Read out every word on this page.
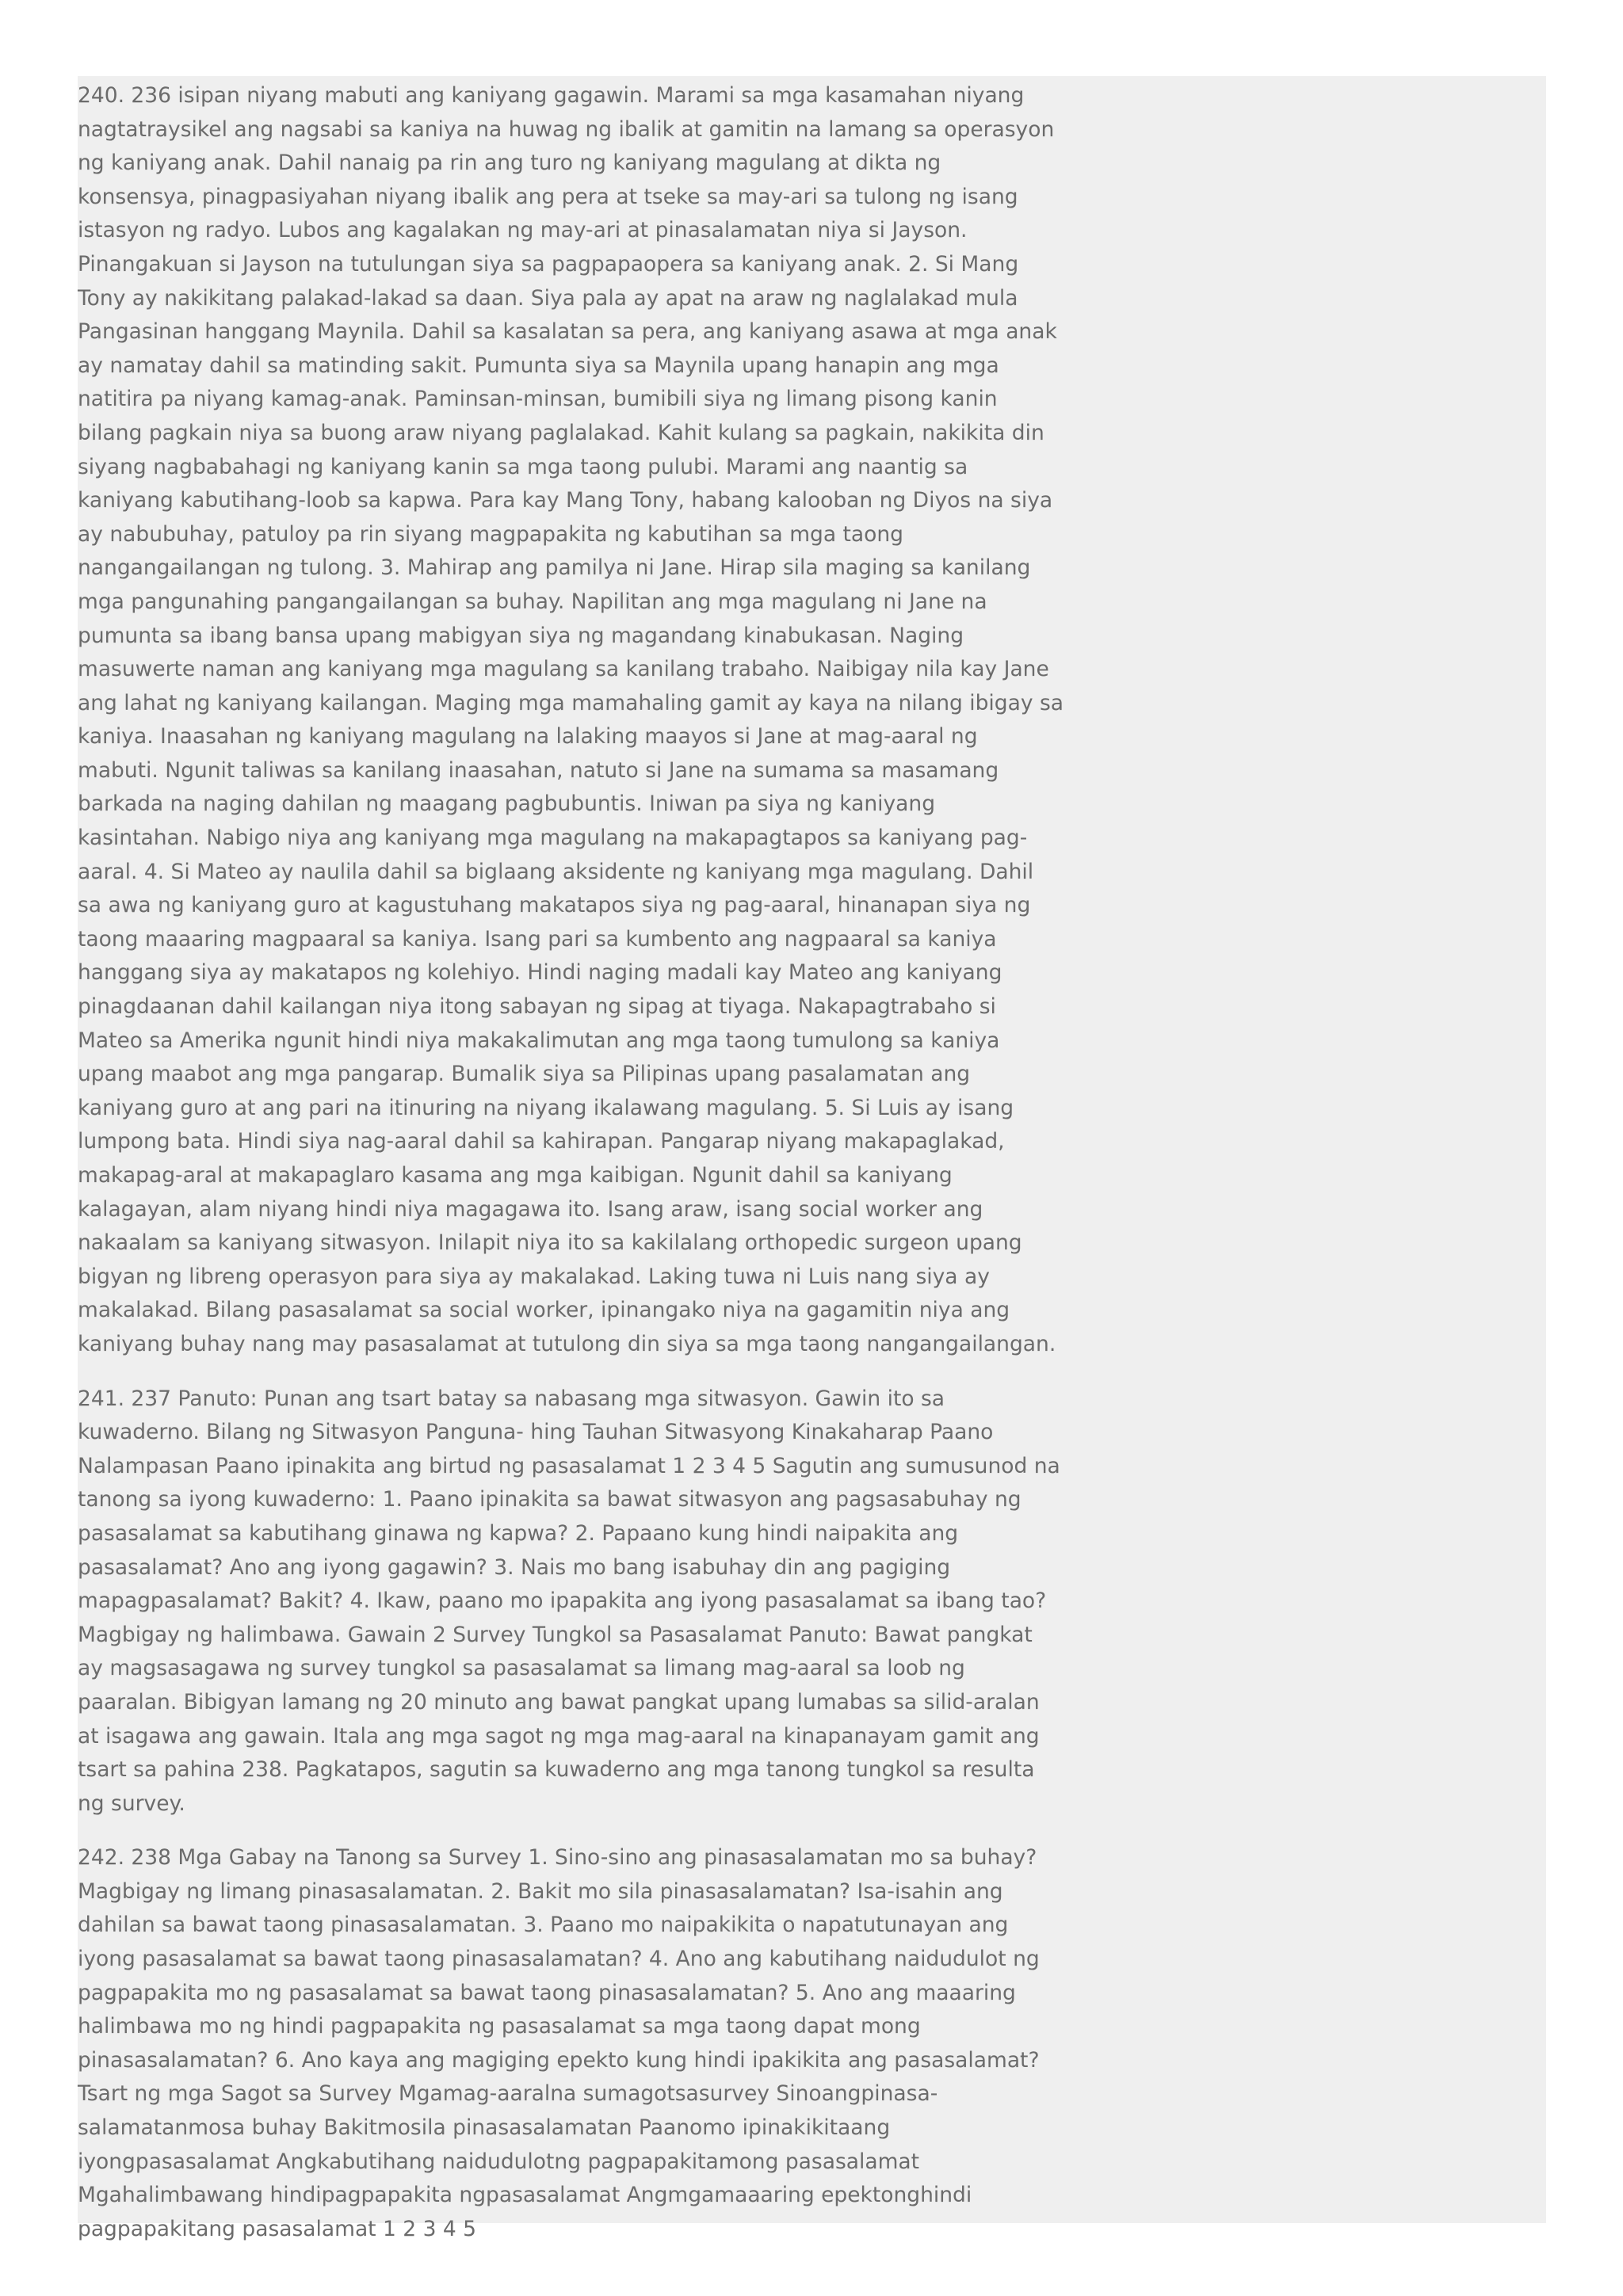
240. 236 isipan niyang mabuti ang kaniyang gagawin. Marami sa mga kasamahan niyang nagtatraysikel ang nagsabi sa kaniya na huwag ng ibalik at gamitin na lamang sa operasyon ng kaniyang anak. Dahil nanaig pa rin ang turo ng kaniyang magulang at dikta ng konsensya, pinagpasiyahan niyang ibalik ang pera at tseke sa may-ari sa tulong ng isang istasyon ng radyo. Lubos ang kagalakan ng may-ari at pinasalamatan niya si Jayson. Pinangakuan si Jayson na tutulungan siya sa pagpapaopera sa kaniyang anak. 2. Si Mang Tony ay nakikitang palakad-lakad sa daan. Siya pala ay apat na araw ng naglalakad mula Pangasinan hanggang Maynila. Dahil sa kasalatan sa pera, ang kaniyang asawa at mga anak ay namatay dahil sa matinding sakit. Pumunta siya sa Maynila upang hanapin ang mga natitira pa niyang kamag-anak. Paminsan-minsan, bumibili siya ng limang pisong kanin bilang pagkain niya sa buong araw niyang paglalakad. Kahit kulang sa pagkain, nakikita din siyang nagbabahagi ng kaniyang kanin sa mga taong pulubi. Marami ang naantig sa kaniyang kabutihang-loob sa kapwa. Para kay Mang Tony, habang kalooban ng Diyos na siya ay nabubuhay, patuloy pa rin siyang magpapakita ng kabutihan sa mga taong nangangailangan ng tulong. 3. Mahirap ang pamilya ni Jane. Hirap sila maging sa kanilang mga pangunahing pangangailangan sa buhay. Napilitan ang mga magulang ni Jane na pumunta sa ibang bansa upang mabigyan siya ng magandang kinabukasan. Naging masuwerte naman ang kaniyang mga magulang sa kanilang trabaho. Naibigay nila kay Jane ang lahat ng kaniyang kailangan. Maging mga mamahaling gamit ay kaya na nilang ibigay sa kaniya. Inaasahan ng kaniyang magulang na lalaking maayos si Jane at mag-aaral ng mabuti. Ngunit taliwas sa kanilang inaasahan, natuto si Jane na sumama sa masamang barkada na naging dahilan ng maagang pagbubuntis. Iniwan pa siya ng kaniyang kasintahan. Nabigo niya ang kaniyang mga magulang na makapagtapos sa kaniyang pag-aaral. 4. Si Mateo ay naulila dahil sa biglaang aksidente ng kaniyang mga magulang. Dahil sa awa ng kaniyang guro at kagustuhang makatapos siya ng pag-aaral, hinanapan siya ng taong maaaring magpaaral sa kaniya. Isang pari sa kumbento ang nagpaaral sa kaniya hanggang siya ay makatapos ng kolehiyo. Hindi naging madali kay Mateo ang kaniyang pinagdaanan dahil kailangan niya itong sabayan ng sipag at tiyaga. Nakapagtrabaho si Mateo sa Amerika ngunit hindi niya makakalimutan ang mga taong tumulong sa kaniya upang maabot ang mga pangarap. Bumalik siya sa Pilipinas upang pasalamatan ang kaniyang guro at ang pari na itinuring na niyang ikalawang magulang. 5. Si Luis ay isang lumpong bata. Hindi siya nag-aaral dahil sa kahirapan. Pangarap niyang makapaglakad, makapag-aral at makapaglaro kasama ang mga kaibigan. Ngunit dahil sa kaniyang kalagayan, alam niyang hindi niya magagawa ito. Isang araw, isang social worker ang nakaalam sa kaniyang sitwasyon. Inilapit niya ito sa kakilalang orthopedic surgeon upang bigyan ng libreng operasyon para siya ay makalakad. Laking tuwa ni Luis nang siya ay makalakad. Bilang pasasalamat sa social worker, ipinangako niya na gagamitin niya ang kaniyang buhay nang may pasasalamat at tutulong din siya sa mga taong nangangailangan.

241. 237 Panuto: Punan ang tsart batay sa nabasang mga sitwasyon. Gawin ito sa kuwaderno. Bilang ng Sitwasyon Panguna- hing Tauhan Sitwasyong Kinakaharap Paano Nalampasan Paano ipinakita ang birtud ng pasasalamat 1 2 3 4 5 Sagutin ang sumusunod na tanong sa iyong kuwaderno: 1. Paano ipinakita sa bawat sitwasyon ang pagsasabuhay ng pasasalamat sa kabutihang ginawa ng kapwa? 2. Papaano kung hindi naipakita ang pasasalamat? Ano ang iyong gagawin? 3. Nais mo bang isabuhay din ang pagiging mapagpasalamat? Bakit? 4. Ikaw, paano mo ipapakita ang iyong pasasalamat sa ibang tao? Magbigay ng halimbawa. Gawain 2 Survey Tungkol sa Pasasalamat Panuto: Bawat pangkat ay magsasagawa ng survey tungkol sa pasasalamat sa limang mag-aaral sa loob ng paaralan. Bibigyan lamang ng 20 minuto ang bawat pangkat upang lumabas sa silid-aralan at isagawa ang gawain. Itala ang mga sagot ng mga mag-aaral na kinapanayam gamit ang tsart sa pahina 238. Pagkatapos, sagutin sa kuwaderno ang mga tanong tungkol sa resulta ng survey.

242. 238 Mga Gabay na Tanong sa Survey 1. Sino-sino ang pinasasalamatan mo sa buhay? Magbigay ng limang pinasasalamatan. 2. Bakit mo sila pinasasalamatan? Isa-isahin ang dahilan sa bawat taong pinasasalamatan. 3. Paano mo naipakikita o napatutunayan ang iyong pasasalamat sa bawat taong pinasasalamatan? 4. Ano ang kabutihang naidudulot ng pagpapakita mo ng pasasalamat sa bawat taong pinasasalamatan? 5. Ano ang maaaring halimbawa mo ng hindi pagpapakita ng pasasalamat sa mga taong dapat mong pinasasalamatan? 6. Ano kaya ang magiging epekto kung hindi ipakikita ang pasasalamat? Tsart ng mga Sagot sa Survey Mgamag-aaralna sumagotsasurvey Sinoangpinasa-salamatanmosa buhay Bakitmosila pinasasalamatan Paanomo ipinakikitaang iyongpasasalamat Angkabutihang naidudulotng pagpapakitamong pasasalamat Mgahalimbawang hindipagpapakita ngpasasalamat Angmgamaaaring epektonghindi pagpapakitang pasasalamat 1 2 3 4 5
